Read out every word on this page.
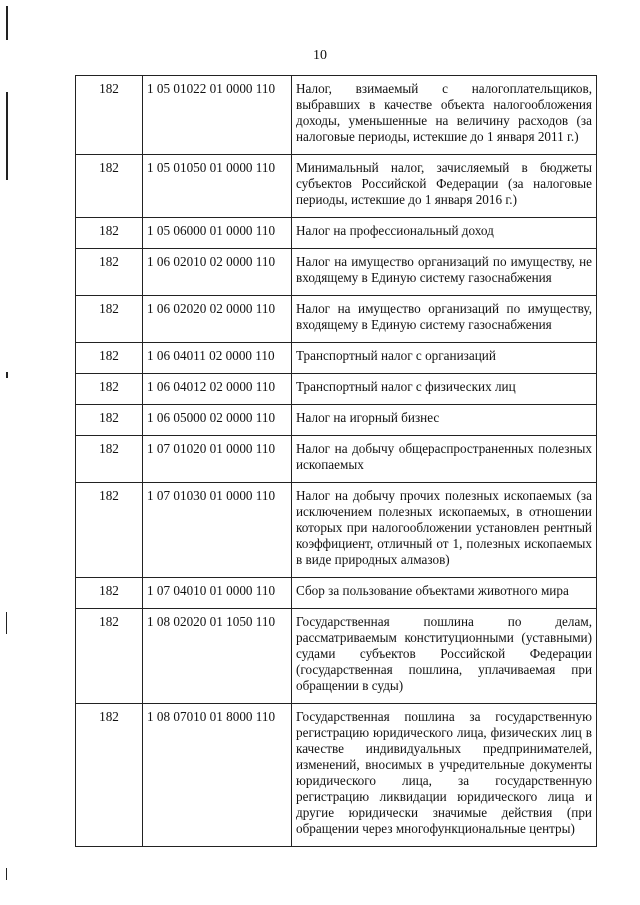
10
182	1 05 01022 01 0000 110	Налог, взимаемый с налогоплательщиков, выбравших в качестве объекта налогообложения доходы, уменьшенные на величину расходов (за налоговые периоды, истекшие до 1 января 2011 г.)
182	1 05 01050 01 0000 110	Минимальный налог, зачисляемый в бюджеты субъектов Российской Федерации (за налоговые периоды, истекшие до 1 января 2016 г.)
182	1 05 06000 01 0000 110	Налог на профессиональный доход
182	1 06 02010 02 0000 110	Налог на имущество организаций по имуществу, не входящему в Единую систему газоснабжения
182	1 06 02020 02 0000 110	Налог на имущество организаций по имуществу, входящему в Единую систему газоснабжения
182	1 06 04011 02 0000 110	Транспортный налог с организаций
182	1 06 04012 02 0000 110	Транспортный налог с физических лиц
182	1 06 05000 02 0000 110	Налог на игорный бизнес
182	1 07 01020 01 0000 110	Налог на добычу общераспространенных полезных ископаемых
182	1 07 01030 01 0000 110	Налог на добычу прочих полезных ископаемых (за исключением полезных ископаемых, в отношении которых при налогообложении установлен рентный коэффициент, отличный от 1, полезных ископаемых в виде природных алмазов)
182	1 07 04010 01 0000 110	Сбор за пользование объектами животного мира
182	1 08 02020 01 1050 110	Государственная пошлина по делам, рассматриваемым конституционными (уставными) судами субъектов Российской Федерации (государственная пошлина, уплачиваемая при обращении в суды)
182	1 08 07010 01 8000 110	Государственная пошлина за государственную регистрацию юридического лица, физических лиц в качестве индивидуальных предпринимателей, изменений, вносимых в учредительные документы юридического лица, за государственную регистрацию ликвидации юридического лица и другие юридически значимые действия (при обращении через многофункциональные центры)
